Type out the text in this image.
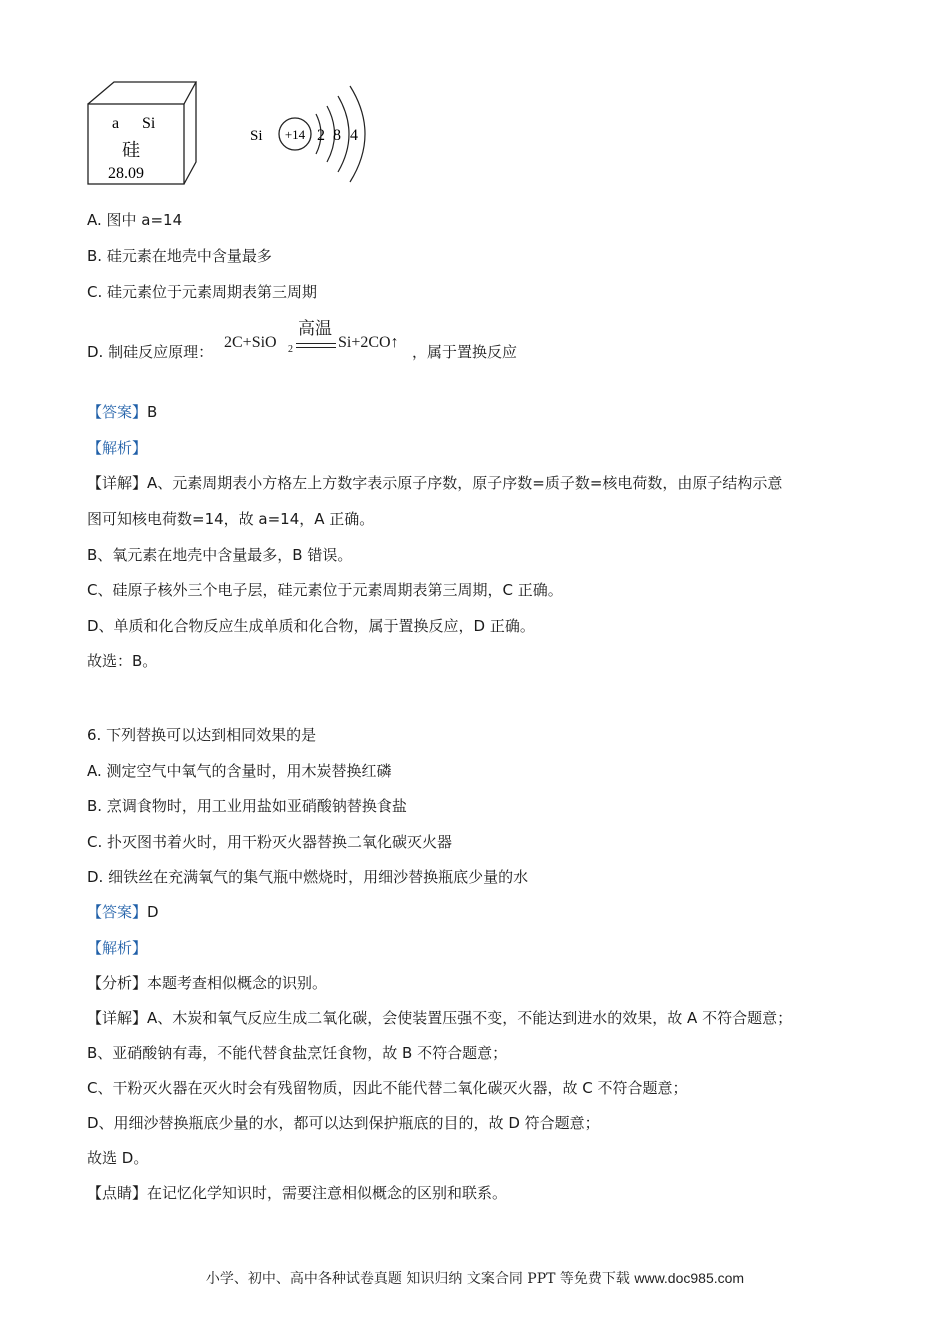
a Si
硅
28.09
Si +14 2 8 4
A. 图中 a=14
B. 硅元素在地壳中含量最多
C. 硅元素位于元素周期表第三周期
D. 制硅反应原理：
2C+SiO 2
高温
Si+2CO↑
，属于置换反应
【答案】B
【解析】
【详解】A、元素周期表小方格左上方数字表示原子序数，原子序数=质子数=核电荷数，由原子结构示意
图可知核电荷数=14，故 a=14，A 正确。
B、氧元素在地壳中含量最多，B 错误。
C、硅原子核外三个电子层，硅元素位于元素周期表第三周期，C 正确。
D、单质和化合物反应生成单质和化合物，属于置换反应，D 正确。
故选：B。
6. 下列替换可以达到相同效果的是
A. 测定空气中氧气的含量时，用木炭替换红磷
B. 烹调食物时，用工业用盐如亚硝酸钠替换食盐
C. 扑灭图书着火时，用干粉灭火器替换二氧化碳灭火器
D. 细铁丝在充满氧气的集气瓶中燃烧时，用细沙替换瓶底少量的水
【答案】D
【解析】
【分析】本题考查相似概念的识别。
【详解】A、木炭和氧气反应生成二氧化碳，会使装置压强不变，不能达到进水的效果，故 A 不符合题意；
B、亚硝酸钠有毒，不能代替食盐烹饪食物，故 B 不符合题意；
C、干粉灭火器在灭火时会有残留物质，因此不能代替二氧化碳灭火器，故 C 不符合题意；
D、用细沙替换瓶底少量的水，都可以达到保护瓶底的目的，故 D 符合题意；
故选 D。
【点睛】在记忆化学知识时，需要注意相似概念的区别和联系。
小学、初中、高中各种试卷真题 知识归纳 文案合同 PPT 等免费下载 www.doc985.com
